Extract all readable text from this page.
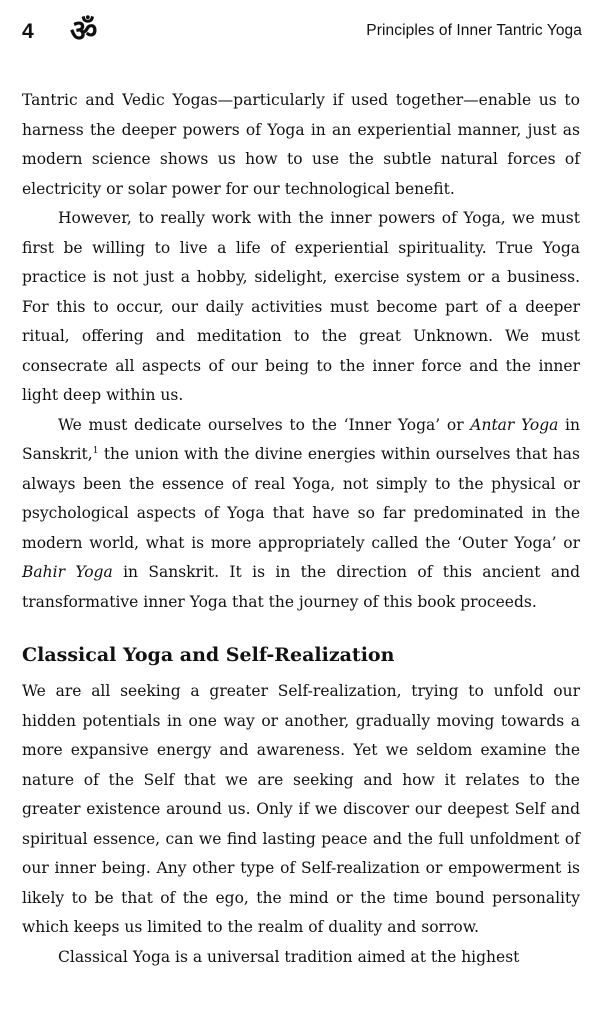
4 ॐ	Principles of Inner Tantric Yoga

Tantric and Vedic Yogas—particularly if used together—enable us to harness the deeper powers of Yoga in an experiential manner, just as modern science shows us how to use the subtle natural forces of electricity or solar power for our technological benefit.

However, to really work with the inner powers of Yoga, we must first be willing to live a life of experiential spirituality. True Yoga practice is not just a hobby, sidelight, exercise system or a business. For this to occur, our daily activities must become part of a deeper ritual, offering and meditation to the great Unknown. We must consecrate all aspects of our being to the inner force and the inner light deep within us.

We must dedicate ourselves to the ‘Inner Yoga’ or Antar Yoga in Sanskrit,$^1$ the union with the divine energies within ourselves that has always been the essence of real Yoga, not simply to the physical or psychological aspects of Yoga that have so far predominated in the modern world, what is more appropriately called the ‘Outer Yoga’ or Bahir Yoga in Sanskrit. It is in the direction of this ancient and transformative inner Yoga that the journey of this book proceeds.

Classical Yoga and Self-Realization

We are all seeking a greater Self-realization, trying to unfold our hidden potentials in one way or another, gradually moving towards a more expansive energy and awareness. Yet we seldom examine the nature of the Self that we are seeking and how it relates to the greater existence around us. Only if we discover our deepest Self and spiritual essence, can we find lasting peace and the full unfoldment of our inner being. Any other type of Self-realization or empowerment is likely to be that of the ego, the mind or the time bound personality which keeps us limited to the realm of duality and sorrow.

Classical Yoga is a universal tradition aimed at the highest
